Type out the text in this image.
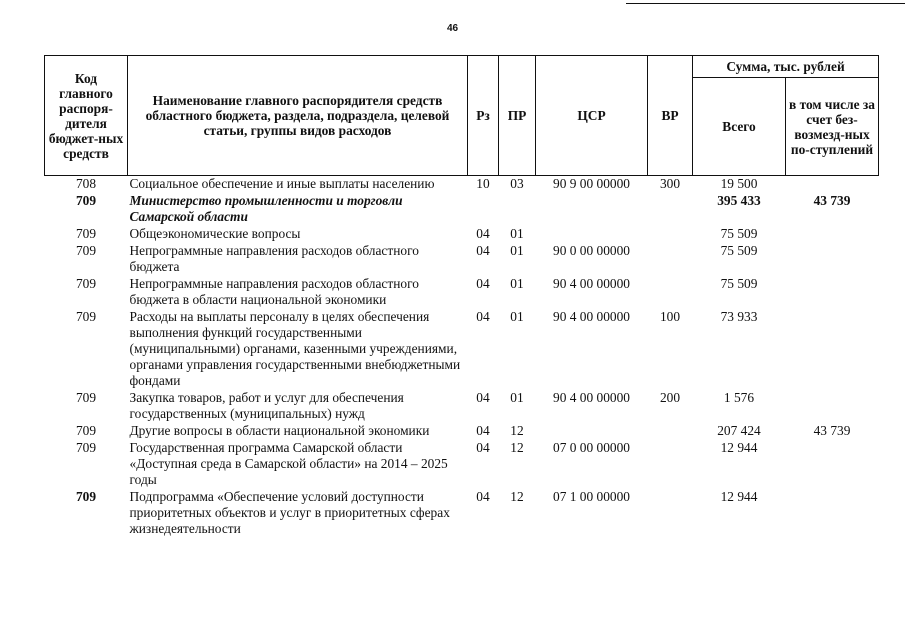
46
Код главного распоря-дителя бюджет-ных средств	Наименование главного распорядителя средств областного бюджета, раздела, подраздела, целевой статьи, группы видов расходов	Рз	ПР	ЦСР	ВР	Сумма, тыс. рублей	
						Всего	в том числе за счет без-возмезд-ных по-ступлений
708	Социальное обеспечение и иные выплаты населению	10	03	90 9 00 00000	300	19 500	
709	Министерство промышленности и торговли Самарской области					395 433	43 739
709	Общеэкономические вопросы	04	01			75 509	
709	Непрограммные направления расходов областного бюджета	04	01	90 0 00 00000		75 509	
709	Непрограммные направления расходов областного бюджета в области национальной экономики	04	01	90 4 00 00000		75 509	
709	Расходы на выплаты персоналу в целях обеспечения выполнения функций государственными (муниципальными) органами, казенными учреждениями, органами управления государственными внебюджетными фондами	04	01	90 4 00 00000	100	73 933	
709	Закупка товаров, работ и услуг для обеспечения государственных (муниципальных) нужд	04	01	90 4 00 00000	200	1 576	
709	Другие вопросы в области национальной экономики	04	12			207 424	43 739
709	Государственная программа Самарской области «Доступная среда в Самарской области» на 2014 – 2025 годы	04	12	07 0 00 00000		12 944	
709	Подпрограмма «Обеспечение условий доступности приоритетных объектов и услуг в приоритетных сферах жизнедеятельности	04	12	07 1 00 00000		12 944	
